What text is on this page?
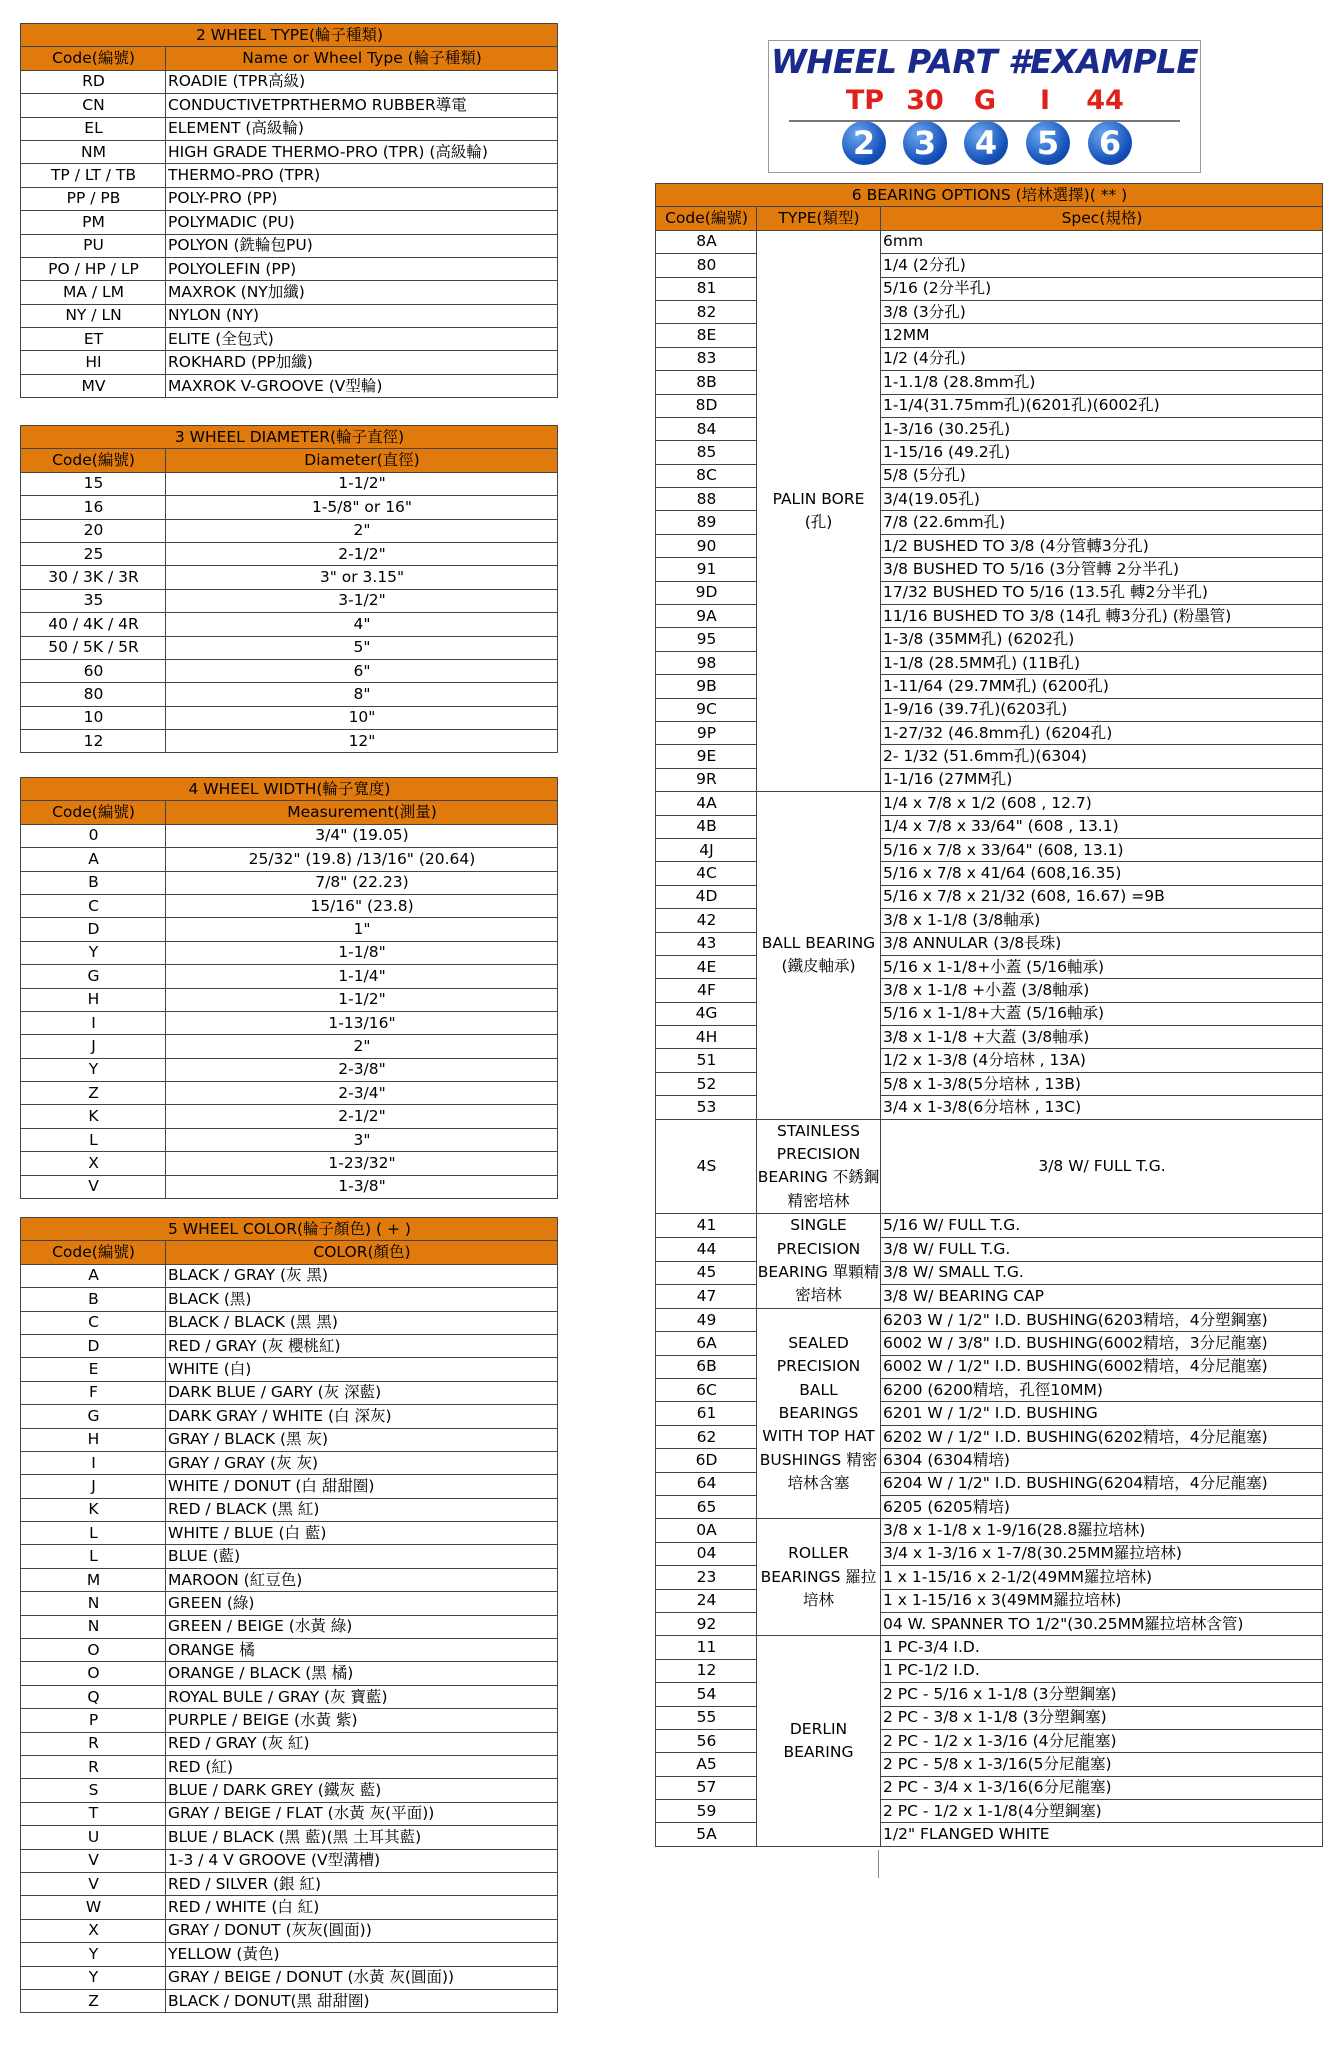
2 WHEEL TYPE(輪子種類)	
Code(編號)	Name or Wheel Type (輪子種類)
RD	ROADIE (TPR高級)
CN	CONDUCTIVETPRTHERMO RUBBER導電
EL	ELEMENT (高級輪)
NM	HIGH GRADE THERMO-PRO (TPR) (高級輪)
TP / LT / TB	THERMO-PRO (TPR)
PP / PB	POLY-PRO (PP)
PM	POLYMADIC (PU)
PU	POLYON (銑輪包PU)
PO / HP / LP	POLYOLEFIN (PP)
MA / LM	MAXROK (NY加纖)
NY / LN	NYLON (NY)
ET	ELITE (全包式)
HI	ROKHARD (PP加纖)
MV	MAXROK V-GROOVE (V型輪)
3 WHEEL DIAMETER(輪子直徑)	
Code(編號)	Diameter(直徑)
15	1-1/2"
16	1-5/8" or 16"
20	2"
25	2-1/2"
30 / 3K / 3R	3" or 3.15"
35	3-1/2"
40 / 4K / 4R	4"
50 / 5K / 5R	5"
60	6"
80	8"
10	10"
12	12"
4 WHEEL WIDTH(輪子寬度)	
Code(編號)	Measurement(測量)
0	3/4" (19.05)
A	25/32" (19.8) /13/16" (20.64)
B	7/8" (22.23)
C	15/16" (23.8)
D	1"
Y	1-1/8"
G	1-1/4"
H	1-1/2"
I	1-13/16"
J	2"
Y	2-3/8"
Z	2-3/4"
K	2-1/2"
L	3"
X	1-23/32"
V	1-3/8"
5 WHEEL COLOR(輪子顏色) ( + )	
Code(編號)	COLOR(顏色)
A	BLACK / GRAY (灰 黑)
B	BLACK (黑)
C	BLACK / BLACK (黑 黑)
D	RED / GRAY (灰 櫻桃紅)
E	WHITE (白)
F	DARK BLUE / GARY (灰 深藍)
G	DARK GRAY / WHITE (白 深灰)
H	GRAY / BLACK (黑 灰)
I	GRAY / GRAY (灰 灰)
J	WHITE / DONUT (白 甜甜圈)
K	RED / BLACK (黑 紅)
L	WHITE / BLUE (白 藍)
L	BLUE (藍)
M	MAROON (紅豆色)
N	GREEN (綠)
N	GREEN / BEIGE (水黃 綠)
O	ORANGE 橘
O	ORANGE / BLACK (黑 橘)
Q	ROYAL BULE / GRAY (灰 寶藍)
P	PURPLE / BEIGE (水黃 紫)
R	RED / GRAY (灰 紅)
R	RED (紅)
S	BLUE / DARK GREY (鐵灰 藍)
T	GRAY / BEIGE / FLAT (水黃 灰(平面))
U	BLUE / BLACK (黑 藍)(黑 土耳其藍)
V	1-3 / 4 V GROOVE (V型溝槽)
V	RED / SILVER (銀 紅)
W	RED / WHITE (白 紅)
X	GRAY / DONUT (灰灰(圓面))
Y	YELLOW (黃色)
Y	GRAY / BEIGE / DONUT (水黃 灰(圓面))
Z	BLACK / DONUT(黑 甜甜圈)
WHEEL PART #EXAMPLE
TP 30	G	I	44
2	3	4	5	6
6 BEARING OPTIONS (培林選擇)( ** )		
Code(編號)	TYPE(類型)	Spec(規格)
8A	PALIN BORE (孔)	6mm
80		1/4 (2分孔)
81		5/16 (2分半孔)
82		3/8 (3分孔)
8E		12MM
83		1/2 (4分孔)
8B		1-1.1/8 (28.8mm孔)
8D		1-1/4(31.75mm孔)(6201孔)(6002孔)
84		1-3/16 (30.25孔)
85		1-15/16 (49.2孔)
8C		5/8 (5分孔)
88		3/4(19.05孔)
89		7/8 (22.6mm孔)
90		1/2 BUSHED TO 3/8 (4分管轉3分孔)
91		3/8 BUSHED TO 5/16 (3分管轉 2分半孔)
9D		17/32 BUSHED TO 5/16 (13.5孔 轉2分半孔)
9A		11/16 BUSHED TO 3/8 (14孔 轉3分孔) (粉墨管)
95		1-3/8 (35MM孔) (6202孔)
98		1-1/8 (28.5MM孔) (11B孔)
9B		1-11/64 (29.7MM孔) (6200孔)
9C		1-9/16 (39.7孔)(6203孔)
9P		1-27/32 (46.8mm孔) (6204孔)
9E		2- 1/32 (51.6mm孔)(6304)
9R		1-1/16 (27MM孔)
4A	BALL BEARING (鐵皮軸承)	1/4 x 7/8 x 1/2 (608 , 12.7)
4B		1/4 x 7/8 x 33/64" (608 , 13.1)
4J		5/16 x 7/8 x 33/64" (608, 13.1)
4C		5/16 x 7/8 x 41/64 (608,16.35)
4D		5/16 x 7/8 x 21/32 (608, 16.67) =9B
42		3/8 x 1-1/8 (3/8軸承)
43		3/8 ANNULAR (3/8長珠)
4E		5/16 x 1-1/8+小蓋 (5/16軸承)
4F		3/8 x 1-1/8 +小蓋 (3/8軸承)
4G		5/16 x 1-1/8+大蓋 (5/16軸承)
4H		3/8 x 1-1/8 +大蓋 (3/8軸承)
51		1/2 x 1-3/8 (4分培林 , 13A)
52		5/8 x 1-3/8(5分培林 , 13B)
53		3/4 x 1-3/8(6分培林 , 13C)
4S	STAINLESS PRECISION BEARING 不銹鋼精密培林	3/8 W/ FULL T.G.
41	SINGLE PRECISION BEARING 單顆精密培林	5/16 W/ FULL T.G.
44		3/8 W/ FULL T.G.
45		3/8 W/ SMALL T.G.
47		3/8 W/ BEARING CAP
49	SEALED PRECISION BALL BEARINGS WITH TOP HAT BUSHINGS 精密培林含塞	6203 W / 1/2" I.D. BUSHING(6203精培，4分塑鋼塞)
6A		6002 W / 3/8" I.D. BUSHING(6002精培，3分尼龍塞)
6B		6002 W / 1/2" I.D. BUSHING(6002精培，4分尼龍塞)
6C		6200 (6200精培，孔徑10MM)
61		6201 W / 1/2" I.D. BUSHING
62		6202 W / 1/2" I.D. BUSHING(6202精培，4分尼龍塞)
6D		6304 (6304精培)
64		6204 W / 1/2" I.D. BUSHING(6204精培，4分尼龍塞)
65		6205 (6205精培)
0A	ROLLER BEARINGS 羅拉培林	3/8 x 1-1/8 x 1-9/16(28.8羅拉培林)
04		3/4 x 1-3/16 x 1-7/8(30.25MM羅拉培林)
23		1 x 1-15/16 x 2-1/2(49MM羅拉培林)
24		1 x 1-15/16 x 3(49MM羅拉培林)
92		04 W. SPANNER TO 1/2"(30.25MM羅拉培林含管)
11	DERLIN BEARING	1 PC-3/4 I.D.
12		1 PC-1/2 I.D.
54		2 PC - 5/16 x 1-1/8 (3分塑鋼塞)
55		2 PC - 3/8 x 1-1/8 (3分塑鋼塞)
56		2 PC - 1/2 x 1-3/16 (4分尼龍塞)
A5		2 PC - 5/8 x 1-3/16(5分尼龍塞)
57		2 PC - 3/4 x 1-3/16(6分尼龍塞)
59		2 PC - 1/2 x 1-1/8(4分塑鋼塞)
5A		1/2" FLANGED WHITE
